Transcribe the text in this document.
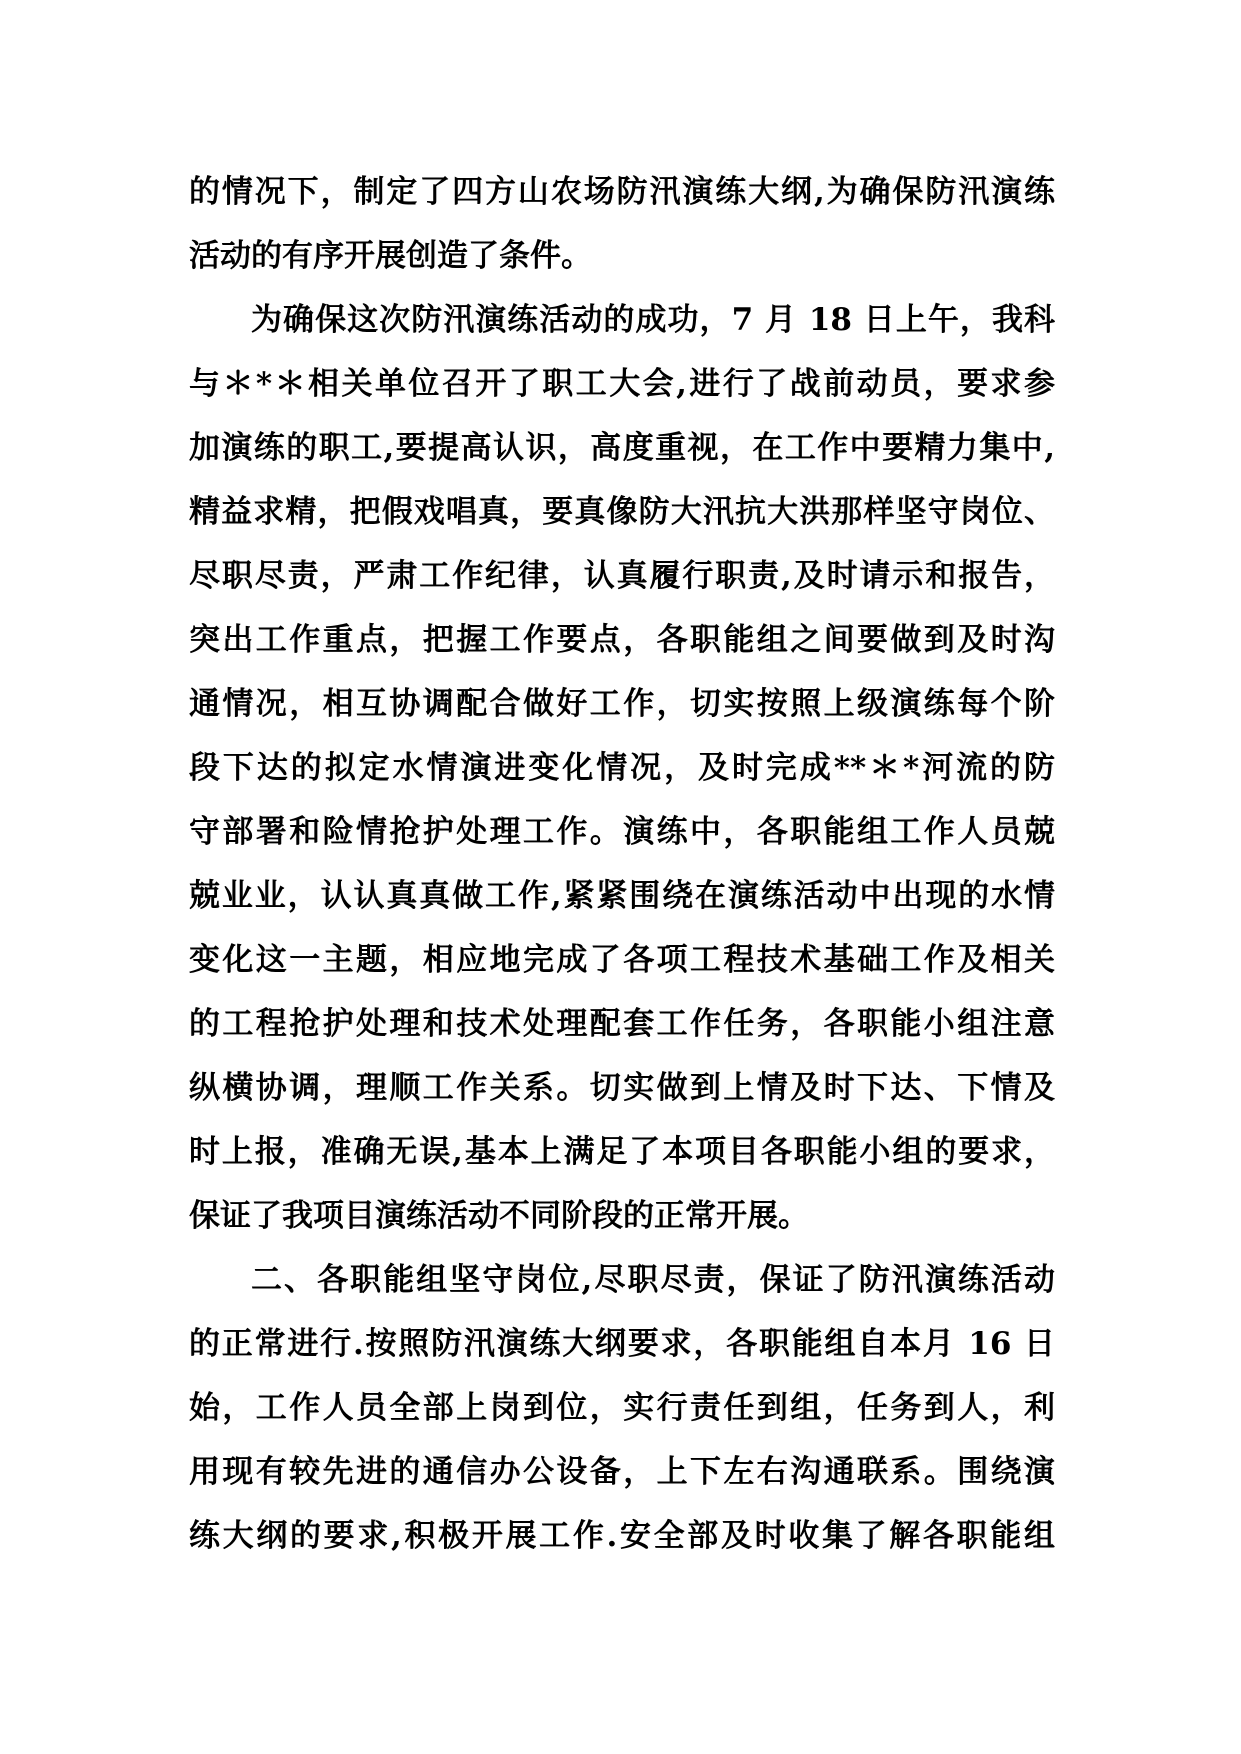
的情况下，制定了四方山农场防汛演练大纲,为确保防汛演练
活动的有序开展创造了条件。
为确保这次防汛演练活动的成功，7 月 18 日上午，我科
与＊*＊相关单位召开了职工大会,进行了战前动员，要求参
加演练的职工,要提高认识，高度重视，在工作中要精力集中,
精益求精，把假戏唱真，要真像防大汛抗大洪那样坚守岗位、
尽职尽责，严肃工作纪律，认真履行职责,及时请示和报告，
突出工作重点，把握工作要点，各职能组之间要做到及时沟
通情况，相互协调配合做好工作，切实按照上级演练每个阶
段下达的拟定水情演进变化情况，及时完成**＊*河流的防
守部署和险情抢护处理工作。演练中，各职能组工作人员兢
兢业业，认认真真做工作,紧紧围绕在演练活动中出现的水情
变化这一主题，相应地完成了各项工程技术基础工作及相关
的工程抢护处理和技术处理配套工作任务，各职能小组注意
纵横协调，理顺工作关系。切实做到上情及时下达、下情及
时上报，准确无误,基本上满足了本项目各职能小组的要求，
保证了我项目演练活动不同阶段的正常开展。
二、各职能组坚守岗位,尽职尽责，保证了防汛演练活动
的正常进行.按照防汛演练大纲要求，各职能组自本月 16 日
始，工作人员全部上岗到位，实行责任到组，任务到人，利
用现有较先进的通信办公设备，上下左右沟通联系。围绕演
练大纲的要求,积极开展工作.安全部及时收集了解各职能组
